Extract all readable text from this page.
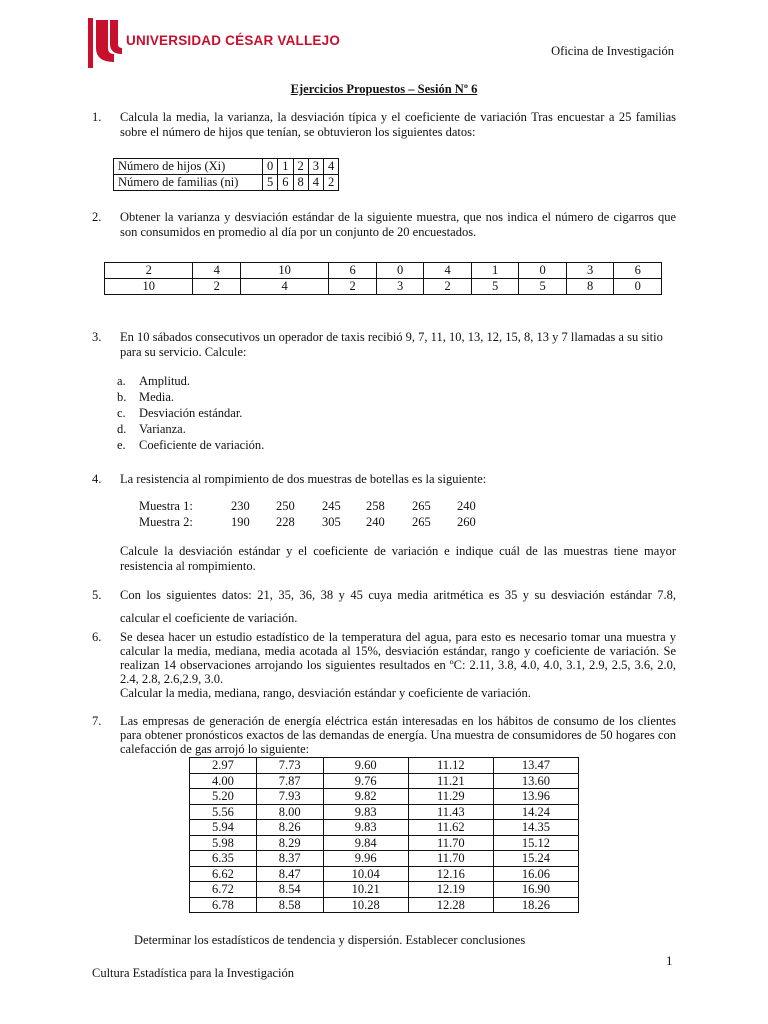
UNIVERSIDAD CÉSAR VALLEJO
Oficina de Investigación
Ejercicios Propuestos – Sesión Nº 6
1. Calcula la media, la varianza, la desviación típica y el coeficiente de variación Tras encuestar a 25 familias sobre el número de hijos que tenían, se obtuvieron los siguientes datos:
Número de hijos (Xi)	0	1	2	3	4
Número de familias (ni)	5	6	8	4	2
2. Obtener la varianza y desviación estándar de la siguiente muestra, que nos indica el número de cigarros que son consumidos en promedio al día por un conjunto de 20 encuestados.
2	4	10	6	0	4	1	0	3	6
10	2	4	2	3	2	5	5	8	0
3. En 10 sábados consecutivos un operador de taxis recibió 9, 7, 11, 10, 13, 12, 15, 8, 13 y 7 llamadas a su sitio para su servicio. Calcule:
a. Amplitud.
b. Media.
c. Desviación estándar.
d. Varianza.
e. Coeficiente de variación.
4. La resistencia al rompimiento de dos muestras de botellas es la siguiente:
Muestra 1:	230 250 245 258 265 240
Muestra 2:	190 228 305 240 265 260
Calcule la desviación estándar y el coeficiente de variación e indique cuál de las muestras tiene mayor resistencia al rompimiento.
5. Con los siguientes datos: 21, 35, 36, 38 y 45 cuya media aritmética es 35 y su desviación estándar 7.8,
calcular el coeficiente de variación.
6. Se desea hacer un estudio estadístico de la temperatura del agua, para esto es necesario tomar una muestra y calcular la media, mediana, media acotada al 15%, desviación estándar, rango y coeficiente de variación. Se realizan 14 observaciones arrojando los siguientes resultados en ºC: 2.11, 3.8, 4.0, 4.0, 3.1, 2.9, 2.5, 3.6, 2.0, 2.4, 2.8, 2.6,2.9, 3.0.
Calcular la media, mediana, rango, desviación estándar y coeficiente de variación.
7. Las empresas de generación de energía eléctrica están interesadas en los hábitos de consumo de los clientes para obtener pronósticos exactos de las demandas de energía. Una muestra de consumidores de 50 hogares con calefacción de gas arrojó lo siguiente:
2.97	7.73	9.60	11.12	13.47
4.00	7.87	9.76	11.21	13.60
5.20	7.93	9.82	11.29	13.96
5.56	8.00	9.83	11.43	14.24
5.94	8.26	9.83	11.62	14.35
5.98	8.29	9.84	11.70	15.12
6.35	8.37	9.96	11.70	15.24
6.62	8.47	10.04	12.16	16.06
6.72	8.54	10.21	12.19	16.90
6.78	8.58	10.28	12.28	18.26
Determinar los estadísticos de tendencia y dispersión. Establecer conclusiones
1
Cultura Estadística para la Investigación
